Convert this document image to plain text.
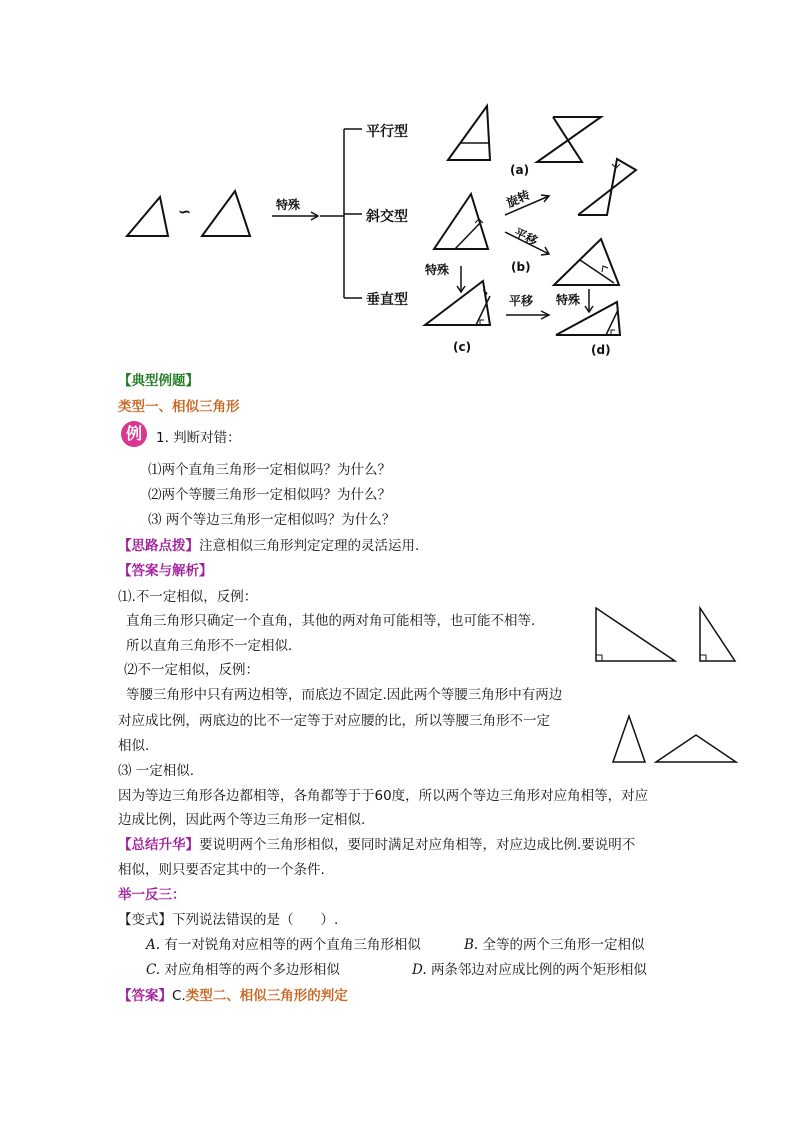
∽	特殊
平行型
斜交型
垂直型
(a)
旋转
平移
(b)
特殊
平移 特殊
(c)	(d)
【典型例题】
类型一、相似三角形
例	1. 判断对错：
⑴两个直角三角形一定相似吗？为什么？
⑵两个等腰三角形一定相似吗？为什么？
⑶ 两个等边三角形一定相似吗？为什么？
【思路点拨】注意相似三角形判定定理的灵活运用.
【答案与解析】
⑴.不一定相似，反例：
直角三角形只确定一个直角，其他的两对角可能相等，也可能不相等.
所以直角三角形不一定相似.
⑵不一定相似，反例：
等腰三角形中只有两边相等，而底边不固定.因此两个等腰三角形中有两边
对应成比例，两底边的比不一定等于对应腰的比，所以等腰三角形不一定
相似.
⑶ 一定相似.
因为等边三角形各边都相等，各角都等于于60度，所以两个等边三角形对应角相等，对应
边成比例，因此两个等边三角形一定相似.
【总结升华】要说明两个三角形相似，要同时满足对应角相等，对应边成比例.要说明不
相似，则只要否定其中的一个条件.
举一反三：
【变式】下列说法错误的是（　　）.
A. 有一对锐角对应相等的两个直角三角形相似	B. 全等的两个三角形一定相似
C. 对应角相等的两个多边形相似	D. 两条邻边对应成比例的两个矩形相似
【答案】C.类型二、相似三角形的判定
